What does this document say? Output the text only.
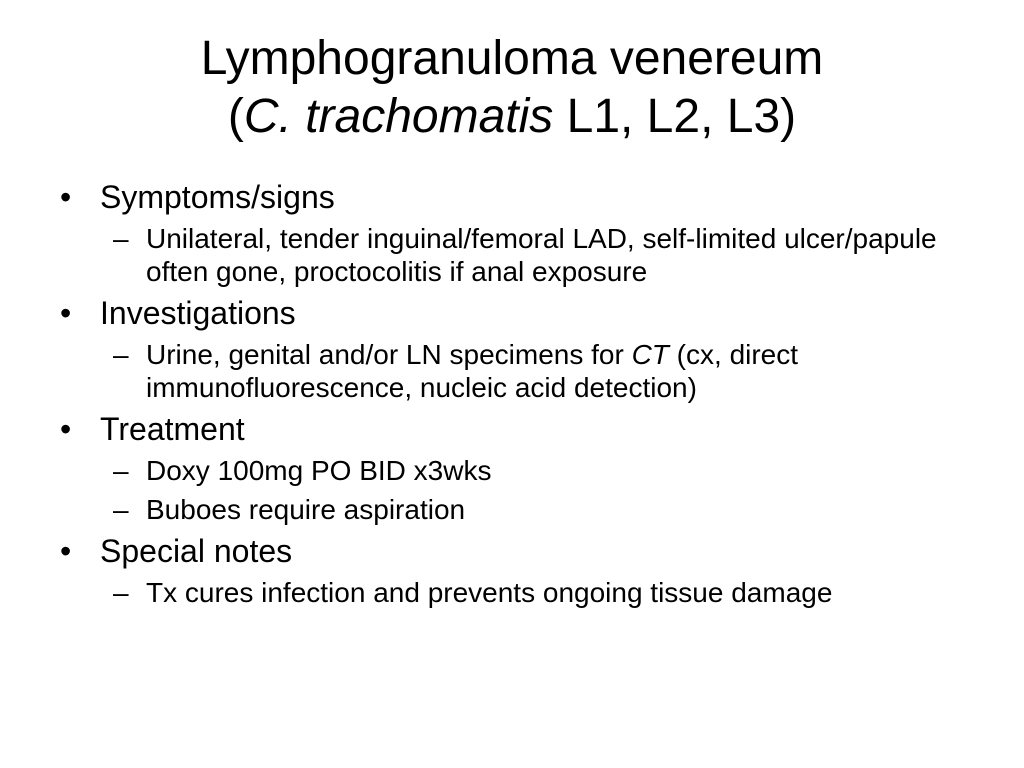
Lymphogranuloma venereum
(C. trachomatis L1, L2, L3)
• Symptoms/signs
– Unilateral, tender inguinal/femoral LAD, self-limited ulcer/papule often gone, proctocolitis if anal exposure
• Investigations
– Urine, genital and/or LN specimens for CT (cx, direct immunofluorescence, nucleic acid detection)
• Treatment
– Doxy 100mg PO BID x3wks
– Buboes require aspiration
• Special notes
– Tx cures infection and prevents ongoing tissue damage
